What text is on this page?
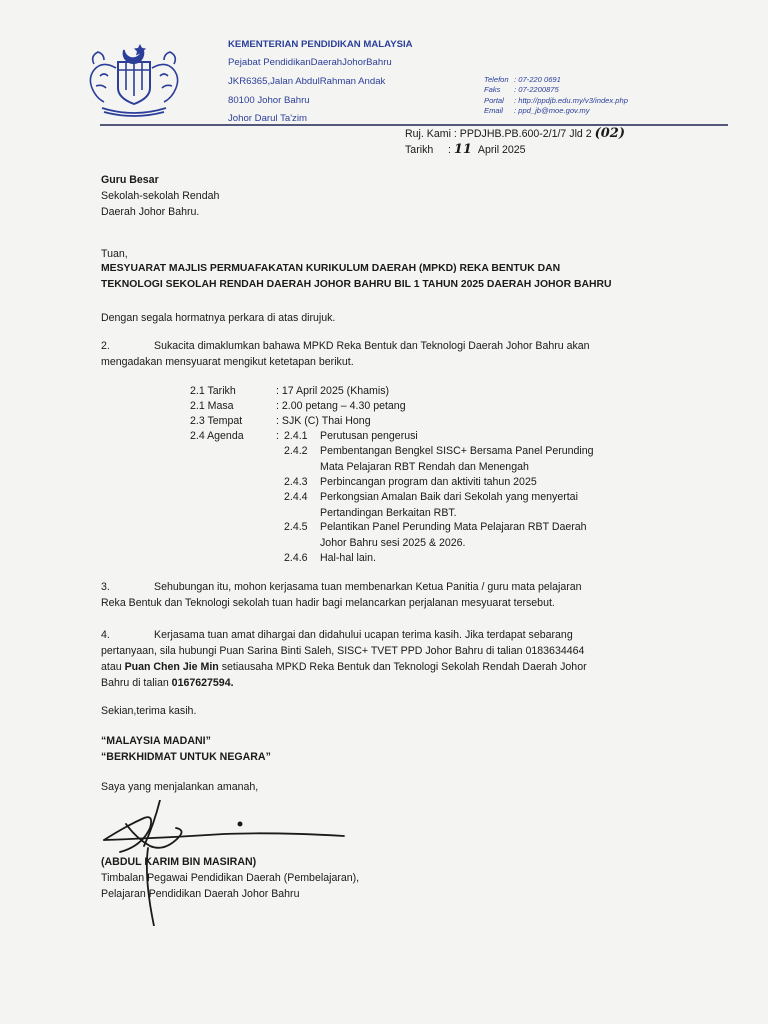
KEMENTERIAN PENDIDIKAN MALAYSIA
Pejabat PendidikanDaerahJohorBahru
JKR6365,Jalan AbdulRahman Andak
80100 Johor Bahru
Johor Darul Ta'zim
Telefon : 07-220 0691
Faks	: 07-2200875
Portal	: http://ppdjb.edu.my/v3/index.php
Email	: ppd_jb@moe.gov.my
Ruj. Kami : PPDJHB.PB.600-2/1/7 Jld 2 (02)
Tarikh : 11 April 2025
Guru Besar
Sekolah-sekolah Rendah
Daerah Johor Bahru.
Tuan,
MESYUARAT MAJLIS PERMUAFAKATAN KURIKULUM DAERAH (MPKD) REKA BENTUK DAN
TEKNOLOGI SEKOLAH RENDAH DAERAH JOHOR BAHRU BIL 1 TAHUN 2025 DAERAH JOHOR BAHRU
Dengan segala hormatnya perkara di atas dirujuk.
2.	Sukacita dimaklumkan bahawa MPKD Reka Bentuk dan Teknologi Daerah Johor Bahru akan
mengadakan mensyuarat mengikut ketetapan berikut.
2.1 Tarikh	: 17 April 2025 (Khamis)
2.1 Masa	: 2.00 petang – 4.30 petang
2.3 Tempat	: SJK (C) Thai Hong
2.4 Agenda	: 2.4.1	Perutusan pengerusi
2.4.2	Pembentangan Bengkel SISC+ Bersama Panel Perunding
Mata Pelajaran RBT Rendah dan Menengah
2.4.3	Perbincangan program dan aktiviti tahun 2025
2.4.4	Perkongsian Amalan Baik dari Sekolah yang menyertai
Pertandingan Berkaitan RBT.
2.4.5	Pelantikan Panel Perunding Mata Pelajaran RBT Daerah
Johor Bahru sesi 2025 & 2026.
2.4.6	Hal-hal lain.
3.	Sehubungan itu, mohon kerjasama tuan membenarkan Ketua Panitia / guru mata pelajaran
Reka Bentuk dan Teknologi sekolah tuan hadir bagi melancarkan perjalanan mesyuarat tersebut.
4.	Kerjasama tuan amat dihargai dan didahului ucapan terima kasih. Jika terdapat sebarang
pertanyaan, sila hubungi Puan Sarina Binti Saleh, SISC+ TVET PPD Johor Bahru di talian 0183634464
atau Puan Chen Jie Min setiausaha MPKD Reka Bentuk dan Teknologi Sekolah Rendah Daerah Johor
Bahru di talian 0167627594.
Sekian,terima kasih.
“MALAYSIA MADANI”
“BERKHIDMAT UNTUK NEGARA”
Saya yang menjalankan amanah,
(ABDUL KARIM BIN MASIRAN)
Timbalan Pegawai Pendidikan Daerah (Pembelajaran),
Pelajaran Pendidikan Daerah Johor Bahru
